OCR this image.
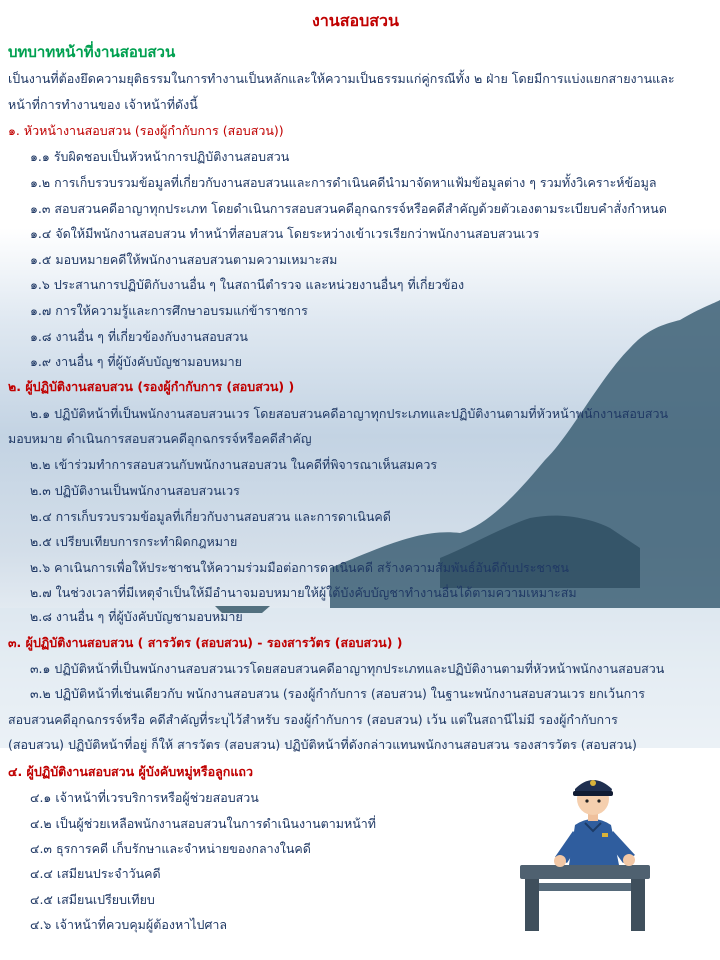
งานสอบสวน
บทบาทหน้าที่งานสอบสวน
เป็นงานที่ต้องยึดความยุติธรรมในการทำงานเป็นหลักและให้ความเป็นธรรมแก่คู่กรณีทั้ง ๒ ฝ่าย โดยมีการแบ่งแยกสายงานและ
หน้าที่การทำงานของ เจ้าหน้าที่ดังนี้
๑. หัวหน้างานสอบสวน (รองผู้กำกับการ (สอบสวน))
๑.๑ รับผิดชอบเป็นหัวหน้าการปฏิบัติงานสอบสวน
๑.๒ การเก็บรวบรวมข้อมูลที่เกี่ยวกับงานสอบสวนและการดำเนินคดีนำมาจัดหาแฟ้มข้อมูลต่าง ๆ รวมทั้งวิเคราะห์ข้อมูล
๑.๓ สอบสวนคดีอาญาทุกประเภท โดยดำเนินการสอบสวนคดีอุกฉกรรจ์หรือคดีสำคัญด้วยตัวเองตามระเบียบคำสั่งกำหนด
๑.๔ จัดให้มีพนักงานสอบสวน ทำหน้าที่สอบสวน โดยระหว่างเข้าเวรเรียกว่าพนักงานสอบสวนเวร
๑.๕ มอบหมายคดีให้พนักงานสอบสวนตามความเหมาะสม
๑.๖ ประสานการปฏิบัติกับงานอื่น ๆ ในสถานีตำรวจ และหน่วยงานอื่นๆ ที่เกี่ยวข้อง
๑.๗ การให้ความรู้และการศึกษาอบรมแก่ข้าราชการ
๑.๘ งานอื่น ๆ ที่เกี่ยวข้องกับงานสอบสวน
๑.๙ งานอื่น ๆ ที่ผู้บังคับบัญชามอบหมาย
๒. ผู้ปฏิบัติงานสอบสวน (รองผู้กำกับการ (สอบสวน) )
๒.๑ ปฏิบัติหน้าที่เป็นพนักงานสอบสวนเวร โดยสอบสวนคดีอาญาทุกประเภทและปฏิบัติงานตามที่หัวหน้าพนักงานสอบสวน
มอบหมาย ดำเนินการสอบสวนคดีอุกฉกรรจ์หรือคดีสำคัญ
๒.๒ เข้าร่วมทำการสอบสวนกับพนักงานสอบสวน ในคดีที่พิจารณาเห็นสมควร
๒.๓ ปฏิบัติงานเป็นพนักงานสอบสวนเวร
๒.๔ การเก็บรวบรวมข้อมูลที่เกี่ยวกับงานสอบสวน และการดาเนินคดี
๒.๕ เปรียบเทียบการกระทำผิดกฎหมาย
๒.๖ คาเนินการเพื่อให้ประชาชนให้ความร่วมมือต่อการดาเนินคดี สร้างความสัมพันธ์อันดีกับประชาชน
๒.๗ ในช่วงเวลาที่มีเหตุจำเป็นให้มีอำนาจมอบหมายให้ผู้ใต้บังคับบัญชาทำงานอื่นได้ตามความเหมาะสม
๒.๘ งานอื่น ๆ ที่ผู้บังคับบัญชามอบหมาย
๓. ผู้ปฏิบัติงานสอบสวน ( สารวัตร (สอบสวน) - รองสารวัตร (สอบสวน) )
๓.๑ ปฏิบัติหน้าที่เป็นพนักงานสอบสวนเวรโดยสอบสวนคดีอาญาทุกประเภทและปฏิบัติงานตามที่หัวหน้าพนักงานสอบสวน
๓.๒ ปฏิบัติหน้าที่เช่นเดียวกับ พนักงานสอบสวน (รองผู้กำกับการ (สอบสวน) ในฐานะพนักงานสอบสวนเวร ยกเว้นการ
สอบสวนคดีอุกฉกรรจ์หรือ คดีสำคัญที่ระบุไว้สำหรับ รองผู้กำกับการ (สอบสวน) เว้น แต่ในสถานีไม่มี รองผู้กำกับการ
(สอบสวน) ปฏิบัติหน้าที่อยู่ ก็ให้ สารวัตร (สอบสวน) ปฏิบัติหน้าที่ดังกล่าวแทนพนักงานสอบสวน รองสารวัตร (สอบสวน)
๔. ผู้ปฏิบัติงานสอบสวน ผู้บังคับหมู่หรือลูกแถว
๔.๑ เจ้าหน้าที่เวรบริการหรือผู้ช่วยสอบสวน
๔.๒ เป็นผู้ช่วยเหลือพนักงานสอบสวนในการดำเนินงานตามหน้าที่
๔.๓ ธุรการคดี เก็บรักษาและจำหน่ายของกลางในคดี
๔.๔ เสมียนประจำวันคดี
๔.๕ เสมียนเปรียบเทียบ
๔.๖ เจ้าหน้าที่ควบคุมผู้ต้องหาไปศาล
